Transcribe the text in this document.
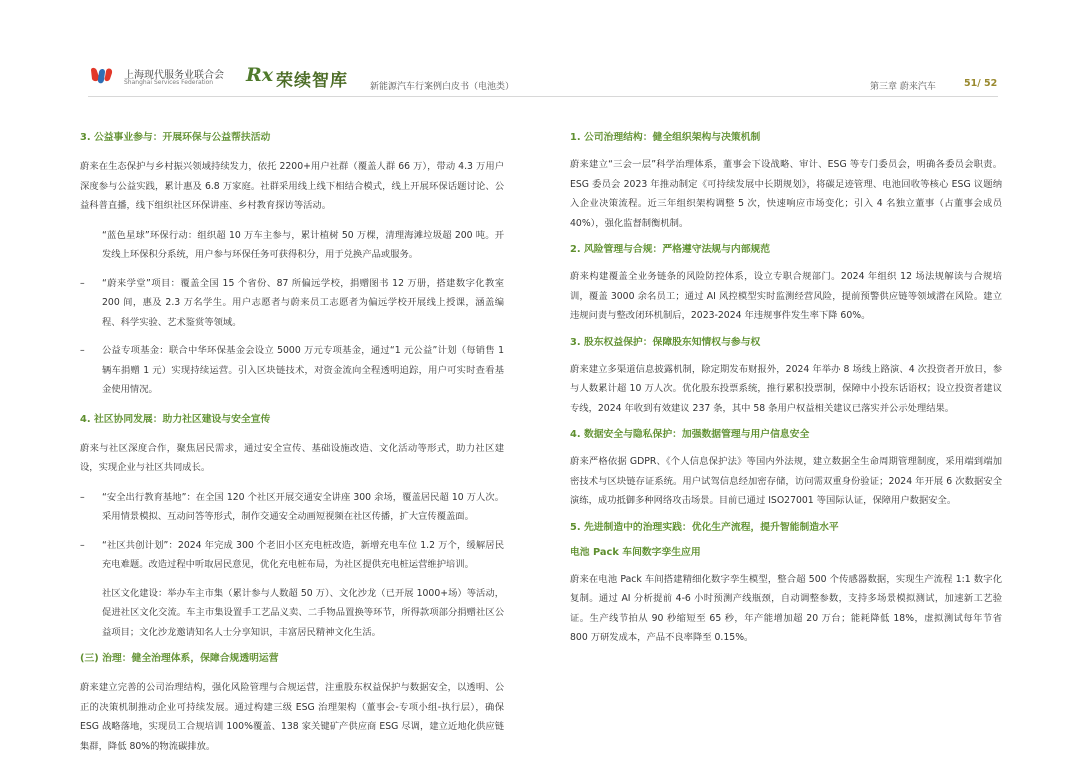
上海现代服务业联合会
Shanghai Services Federation Rx 荣续智库 新能源汽车行案例白皮书（电池类）	第三章 蔚来汽车	51/ 52
3. 公益事业参与：开展环保与公益帮扶活动
蔚来在生态保护与乡村振兴领域持续发力，依托 2200+用户社群（覆盖人群 66 万），带动 4.3 万用户深度参与公益实践，累计惠及 6.8 万家庭。社群采用线上线下相结合模式，线上开展环保话题讨论、公益科普直播，线下组织社区环保讲座、乡村教育探访等活动。
“蓝色星球”环保行动：组织超 10 万车主参与，累计植树 50 万棵，清理海滩垃圾超 200 吨。开发线上环保积分系统，用户参与环保任务可获得积分，用于兑换产品或服务。
–	“蔚来学堂”项目：覆盖全国 15 个省份、87 所偏远学校，捐赠图书 12 万册，搭建数字化教室 200 间，惠及 2.3 万名学生。用户志愿者与蔚来员工志愿者为偏远学校开展线上授课，涵盖编程、科学实验、艺术鉴赏等领域。
–	公益专项基金：联合中华环保基金会设立 5000 万元专项基金，通过“1 元公益”计划（每销售 1 辆车捐赠 1 元）实现持续运营。引入区块链技术，对资金流向全程透明追踪，用户可实时查看基金使用情况。
4. 社区协同发展：助力社区建设与安全宣传
蔚来与社区深度合作，聚焦居民需求，通过安全宣传、基础设施改造、文化活动等形式，助力社区建设，实现企业与社区共同成长。
–	“安全出行教育基地”：在全国 120 个社区开展交通安全讲座 300 余场，覆盖居民超 10 万人次。采用情景模拟、互动问答等形式，制作交通安全动画短视频在社区传播，扩大宣传覆盖面。
–	“社区共创计划”：2024 年完成 300 个老旧小区充电桩改造，新增充电车位 1.2 万个，缓解居民充电难题。改造过程中听取居民意见，优化充电桩布局，为社区提供充电桩运营维护培训。
社区文化建设：举办车主市集（累计参与人数超 50 万）、文化沙龙（已开展 1000+场）等活动，促进社区文化交流。车主市集设置手工艺品义卖、二手物品置换等环节，所得款项部分捐赠社区公益项目；文化沙龙邀请知名人士分享知识，丰富居民精神文化生活。
(三) 治理：健全治理体系，保障合规透明运营
蔚来建立完善的公司治理结构，强化风险管理与合规运营，注重股东权益保护与数据安全，以透明、公正的决策机制推动企业可持续发展。通过构建三级 ESG 治理架构（董事会-专项小组-执行层），确保 ESG 战略落地，实现员工合规培训 100%覆盖、138 家关键矿产供应商 ESG 尽调，建立近地化供应链集群，降低 80%的物流碳排放。
1. 公司治理结构：健全组织架构与决策机制
蔚来建立“三会一层”科学治理体系，董事会下设战略、审计、ESG 等专门委员会，明确各委员会职责。ESG 委员会 2023 年推动制定《可持续发展中长期规划》，将碳足迹管理、电池回收等核心 ESG 议题纳入企业决策流程。近三年组织架构调整 5 次，快速响应市场变化；引入 4 名独立董事（占董事会成员 40%），强化监督制衡机制。
2. 风险管理与合规：严格遵守法规与内部规范
蔚来构建覆盖全业务链条的风险防控体系，设立专职合规部门。2024 年组织 12 场法规解读与合规培训，覆盖 3000 余名员工；通过 AI 风控模型实时监测经营风险，提前预警供应链等领域潜在风险。建立违规问责与整改闭环机制后，2023-2024 年违规事件发生率下降 60%。
3. 股东权益保护：保障股东知情权与参与权
蔚来建立多渠道信息披露机制，除定期发布财报外，2024 年举办 8 场线上路演、4 次投资者开放日，参与人数累计超 10 万人次。优化股东投票系统，推行累积投票制，保障中小投东话语权；设立投资者建议专线，2024 年收到有效建议 237 条，其中 58 条用户权益相关建议已落实并公示处理结果。
4. 数据安全与隐私保护：加强数据管理与用户信息安全
蔚来严格依据 GDPR、《个人信息保护法》等国内外法规，建立数据全生命周期管理制度，采用端到端加密技术与区块链存证系统。用户试驾信息经加密存储，访问需双重身份验证；2024 年开展 6 次数据安全演练，成功抵御多种网络攻击场景。目前已通过 ISO27001 等国际认证，保障用户数据安全。
5. 先进制造中的治理实践：优化生产流程，提升智能制造水平
电池 Pack 车间数字孪生应用
蔚来在电池 Pack 车间搭建精细化数字孪生模型，整合超 500 个传感器数据，实现生产流程 1:1 数字化复制。通过 AI 分析提前 4-6 小时预测产线瓶颈，自动调整参数，支持多场景模拟测试，加速新工艺验证。生产线节拍从 90 秒缩短至 65 秒，年产能增加超 20 万台；能耗降低 18%，虚拟测试每年节省 800 万研发成本，产品不良率降至 0.15%。
